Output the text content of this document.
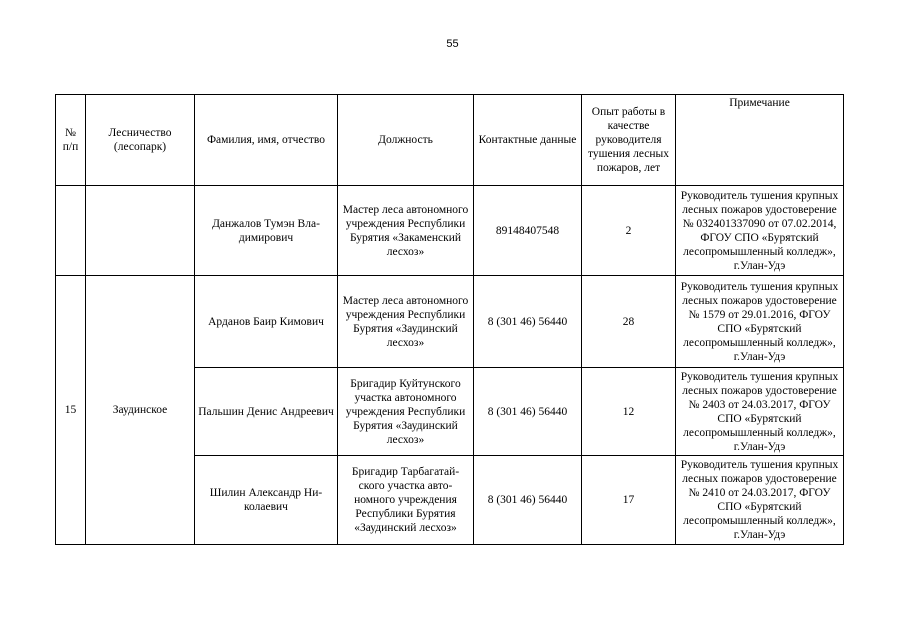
55
№ п/п	Лесничество (лесопарк)	Фамилия, имя, отчество	Должность	Контактные данные	Опыт работы в качестве руководителя тушения лесных пожаров, лет	Примечание
		Данжалов Тумэн Владимирович	Мастер леса автономного учреждения Республики Бурятия «Закаменский лесхоз»	89148407548	2	Руководитель тушения крупных лесных пожаров удостоверение № 032401337090 от 07.02.2014, ФГОУ СПО «Бурятский лесопромышленный колледж», г.Улан-Удэ
15	Заудинское	Арданов Баир Кимович	Мастер леса автономного учреждения Республики Бурятия «Заудинский лесхоз»	8 (301 46) 56440	28	Руководитель тушения крупных лесных пожаров удостоверение № 1579 от 29.01.2016, ФГОУ СПО «Бурятский лесопромышленный колледж», г.Улан-Удэ
		Пальшин Денис Андреевич	Бригадир Куйтунского участка автономного учреждения Республики Бурятия «Заудинский лесхоз»	8 (301 46) 56440	12	Руководитель тушения крупных лесных пожаров удостоверение № 2403 от 24.03.2017, ФГОУ СПО «Бурятский лесопромышленный колледж», г.Улан-Удэ
		Шилин Александр Николаевич	Бригадир Тарбагатайского участка автономного учреждения Республики Бурятия «Заудинский лесхоз»	8 (301 46) 56440	17	Руководитель тушения крупных лесных пожаров удостоверение № 2410 от 24.03.2017, ФГОУ СПО «Бурятский лесопромышленный колледж», г.Улан-Удэ
